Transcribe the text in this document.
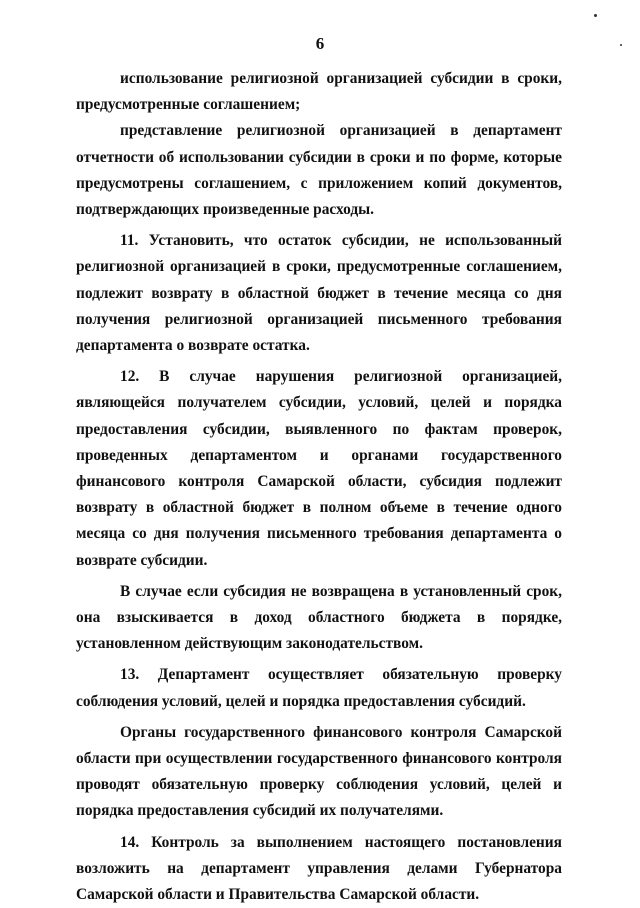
6

использование религиозной организацией субсидии в сроки, предусмотренные соглашением;

представление религиозной организацией в департамент отчетности об использовании субсидии в сроки и по форме, которые предусмотрены соглашением, с приложением копий документов, подтверждающих произведенные расходы.

11. Установить, что остаток субсидии, не использованный религиозной организацией в сроки, предусмотренные соглашением, подлежит возврату в областной бюджет в течение месяца со дня получения религиозной организацией письменного требования департамента о возврате остатка.

12. В случае нарушения религиозной организацией, являющейся получателем субсидии, условий, целей и порядка предоставления субсидии, выявленного по фактам проверок, проведенных департаментом и органами государственного финансового контроля Самарской области, субсидия подлежит возврату в областной бюджет в полном объеме в течение одного месяца со дня получения письменного требования департамента о возврате субсидии.

В случае если субсидия не возвращена в установленный срок, она взыскивается в доход областного бюджета в порядке, установленном действующим законодательством.

13. Департамент осуществляет обязательную проверку соблюдения условий, целей и порядка предоставления субсидий.

Органы государственного финансового контроля Самарской области при осуществлении государственного финансового контроля проводят обязательную проверку соблюдения условий, целей и порядка предоставления субсидий их получателями.

14. Контроль за выполнением настоящего постановления возложить на департамент управления делами Губернатора Самарской области и Правительства Самарской области.
